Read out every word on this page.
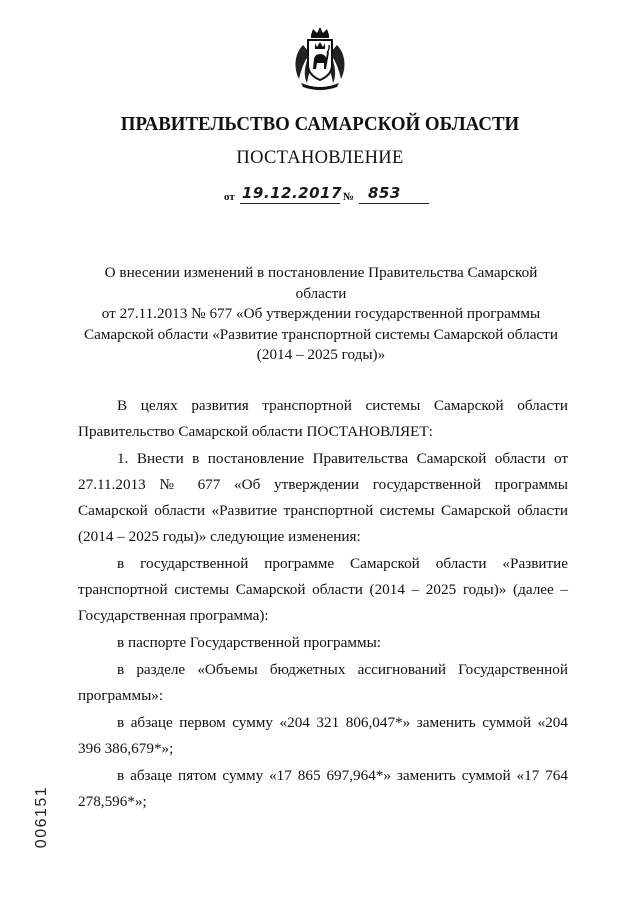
ПРАВИТЕЛЬСТВО САМАРСКОЙ ОБЛАСТИ
ПОСТАНОВЛЕНИЕ
от 19.12.2017 № 853
О внесении изменений в постановление Правительства Самарской области
от 27.11.2013 № 677 «Об утверждении государственной программы
Самарской области «Развитие транспортной системы Самарской области
(2014 – 2025 годы)»

В целях развития транспортной системы Самарской области Правительство Самарской области ПОСТАНОВЛЯЕТ:

1. Внести в постановление Правительства Самарской области от 27.11.2013 № 677 «Об утверждении государственной программы Самарской области «Развитие транспортной системы Самарской области (2014 – 2025 годы)» следующие изменения:

в государственной программе Самарской области «Развитие транспортной системы Самарской области (2014 – 2025 годы)» (далее – Государственная программа):

в паспорте Государственной программы:

в разделе «Объемы бюджетных ассигнований Государственной программы»:

в абзаце первом сумму «204 321 806,047*» заменить суммой «204 396 386,679*»;

в абзаце пятом сумму «17 865 697,964*» заменить суммой «17 764 278,596*»;

006151
